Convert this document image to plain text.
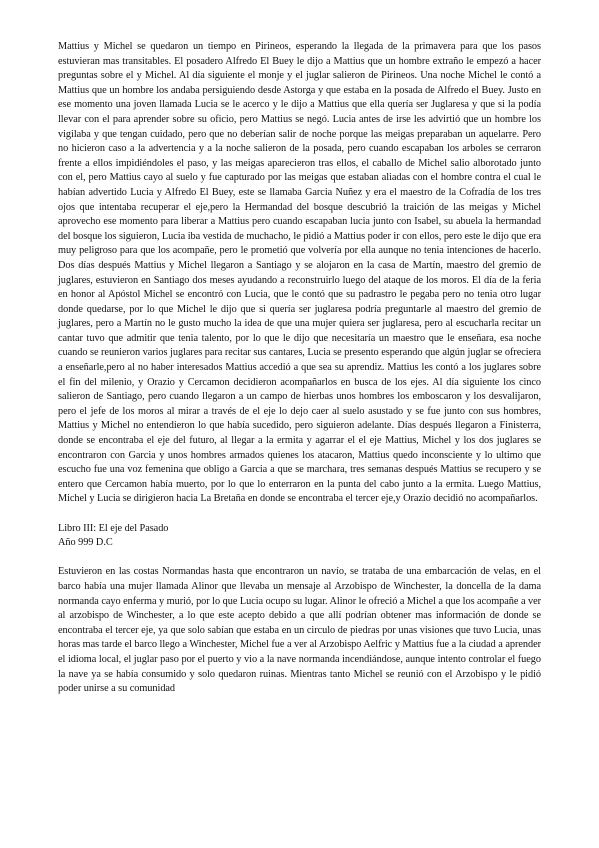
Mattius y Michel se quedaron un tiempo en Pirineos, esperando la llegada de la primavera para que los pasos estuvieran mas transitables. El posadero Alfredo El Buey le dijo a Mattius que un hombre extraño le empezó a hacer preguntas sobre el y Michel. Al día siguiente el monje y el juglar salieron de Pirineos. Una noche Michel le contó a Mattius que un hombre los andaba persiguiendo desde Astorga y que estaba en la posada de Alfredo el Buey. Justo en ese momento una joven llamada Lucia se le acerco y le dijo a Mattius que ella quería ser Juglaresa y que si la podía llevar con el para aprender sobre su oficio, pero Mattius se negó. Lucia antes de irse les advirtió que un hombre los vigilaba y que tengan cuidado, pero que no deberían salir de noche porque las meigas preparaban un aquelarre. Pero no hicieron caso a la advertencia y a la noche salieron de la posada, pero cuando escapaban los arboles se cerraron frente a ellos impidiéndoles el paso, y las meigas aparecieron tras ellos, el caballo de Michel salio alborotado junto con el, pero Mattius cayo al suelo y fue capturado por las meigas que estaban aliadas con el hombre contra el cual le habían advertido Lucia y Alfredo El Buey, este se llamaba Garcia Nuñez y era el maestro de la Cofradía de los tres ojos que intentaba recuperar el eje,pero la Hermandad del bosque descubrió la traición de las meigas y Michel aprovecho ese momento para liberar a Mattius pero cuando escapaban lucia junto con Isabel, su abuela la hermandad del bosque los siguieron, Lucia iba vestida de muchacho, le pidió a Mattius poder ir con ellos, pero este le dijo que era muy peligroso para que los acompañe, pero le prometió que volvería por ella aunque no tenia intenciones de hacerlo. Dos días después Mattius y Michel llegaron a Santiago y se alojaron en la casa de Martín, maestro del gremio de juglares, estuvieron en Santiago dos meses ayudando a reconstruirlo luego del ataque de los moros. El día de la feria en honor al Apóstol Michel se encontró con Lucia, que le contó que su padrastro le pegaba pero no tenia otro lugar donde quedarse, por lo que Michel le dijo que si quería ser juglaresa podría preguntarle al maestro del gremio de juglares, pero a Martín no le gusto mucho la idea de que una mujer quiera ser juglaresa, pero al escucharla recitar un cantar tuvo que admitir que tenia talento, por lo que le dijo que necesitaría un maestro que le enseñara, esa noche cuando se reunieron varios juglares para recitar sus cantares, Lucia se presento esperando que algún juglar se ofreciera a enseñarle,pero al no haber interesados Mattius accedió a que sea su aprendiz. Mattius les contó a los juglares sobre el fin del milenio, y Orazio y Cercamon decidieron acompañarlos en busca de los ejes. Al día siguiente los cinco salieron de Santiago, pero cuando llegaron a un campo de hierbas unos hombres los emboscaron y los desvalijaron, pero el jefe de los moros al mirar a través de el eje lo dejo caer al suelo asustado y se fue junto con sus hombres, Mattius y Michel no entendieron lo que había sucedido, pero siguieron adelante. Días después llegaron a Finisterra, donde se encontraba el eje del futuro, al llegar a la ermita y agarrar el el eje Mattius, Michel y los dos juglares se encontraron con Garcia y unos hombres armados quienes los atacaron, Mattius quedo inconsciente y lo ultimo que escucho fue una voz femenina que obligo a Garcia a que se marchara, tres semanas después Mattius se recupero y se entero que Cercamon había muerto, por lo que lo enterraron en la punta del cabo junto a la ermita. Luego Mattius, Michel y Lucia se dirigieron hacia La Bretaña en donde se encontraba el tercer eje,y Orazio decidió no acompañarlos.

Libro III: El eje del Pasado

Año 999 D.C

Estuvieron en las costas Normandas hasta que encontraron un navío, se trataba de una embarcación de velas, en el barco había una mujer llamada Alinor que llevaba un mensaje al Arzobispo de Winchester, la doncella de la dama normanda cayo enferma y murió, por lo que Lucia ocupo su lugar. Alinor le ofreció a Michel a que los acompañe a ver al arzobispo de Winchester, a lo que este acepto debido a que allí podrían obtener mas información de donde se encontraba el tercer eje, ya que solo sabían que estaba en un circulo de piedras por unas visiones que tuvo Lucia, unas horas mas tarde el barco llego a Winchester, Michel fue a ver al Arzobispo Aelfric y Mattius fue a la ciudad a aprender el idioma local, el juglar paso por el puerto y vio a la nave normanda incendiándose, aunque intento controlar el fuego la nave ya se había consumido y solo quedaron ruinas. Mientras tanto Michel se reunió con el Arzobispo y le pidió poder unirse a su comunidad
